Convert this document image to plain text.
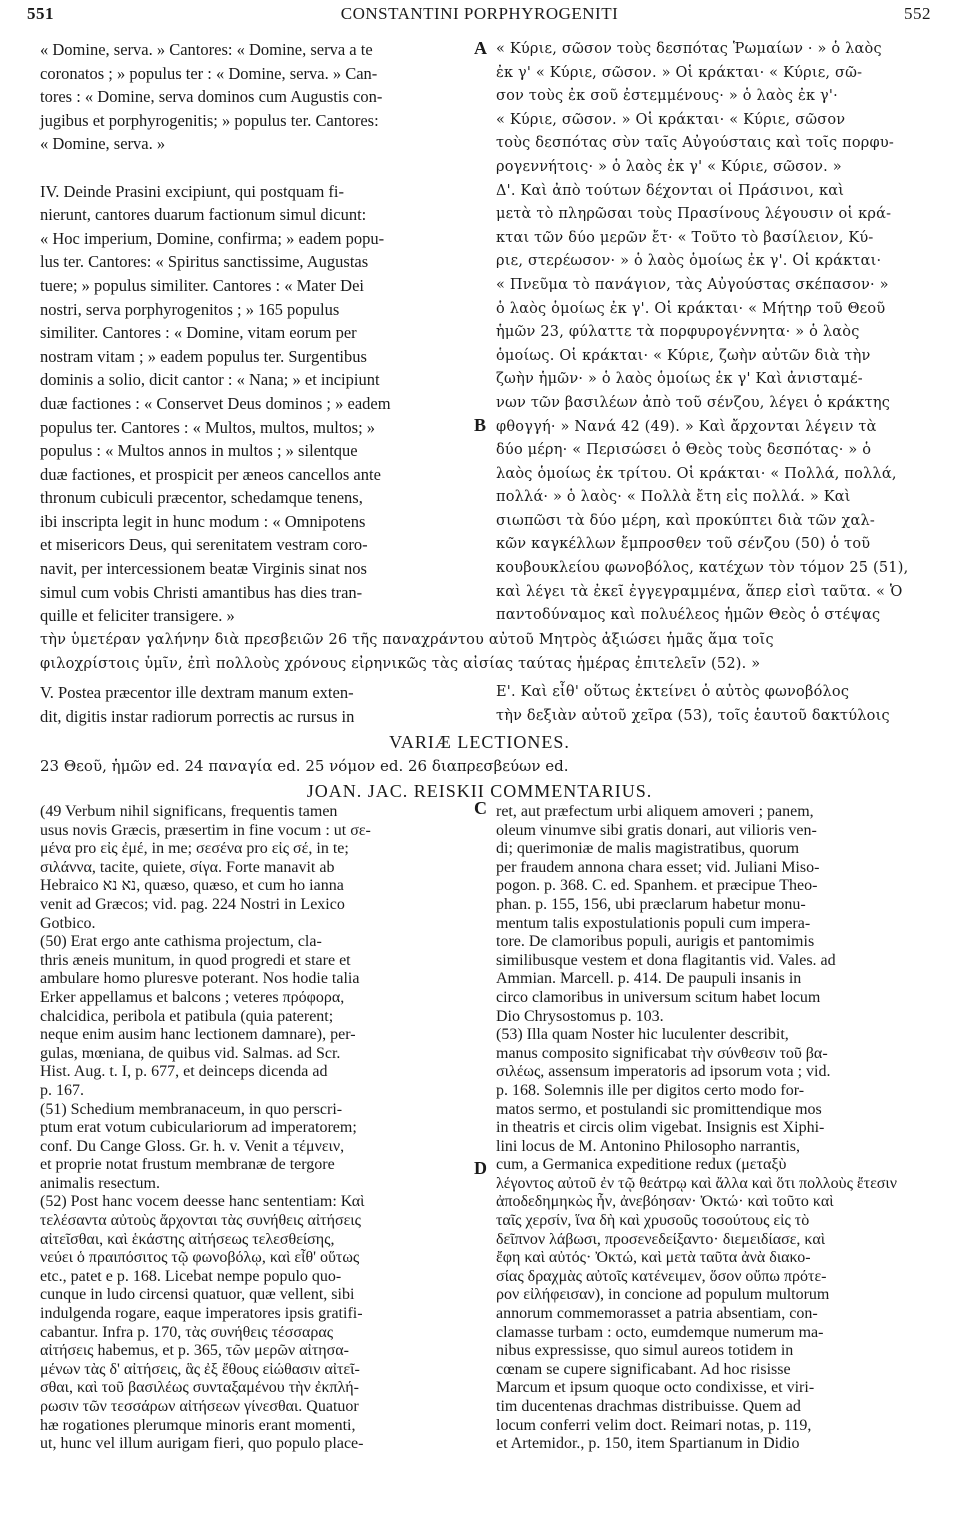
551	CONSTANTINI PORPHYROGENITI	552
« Domine, serva. » Cantores: « Domine, serva a te
coronatos ; » populus ter : « Domine, serva. » Can-
tores : « Domine, serva dominos cum Augustis con-
jugibus et porphyrogenitis; » populus ter. Cantores:
« Domine, serva. »
IV. Deinde Prasini excipiunt, qui postquam fi-
nierunt, cantores duarum factionum simul dicunt:
« Hoc imperium, Domine, confirma; » eadem popu-
lus ter. Cantores: « Spiritus sanctissime, Augustas
tuere; » populus similiter. Cantores : « Mater Dei
nostri, serva porphyrogenitos ; » 165 populus
similiter. Cantores : « Domine, vitam eorum per
nostram vitam ; » eadem populus ter. Surgentibus
dominis a solio, dicit cantor : « Nana; » et incipiunt
duæ factiones : « Conservet Deus dominos ; » eadem
populus ter. Cantores : « Multos, multos, multos; »
populus : « Multos annos in multos ; » silentque
duæ factiones, et prospicit per æneos cancellos ante
thronum cubiculi præcentor, schedamque tenens,
ibi inscripta legit in hunc modum : « Omnipotens
et misericors Deus, qui serenitatem vestram coro-
navit, per intercessionem beatæ Virginis sinat nos
simul cum vobis Christi amantibus has dies tran-
quille et feliciter transigere. »
« Κύριε, σῶσον τοὺς δεσπότας Ῥωμαίων · » ὁ λαὸς
ἐκ γ' « Κύριε, σῶσον. » Οἱ κράκται· « Κύριε, σῶ-
σον τοὺς ἐκ σοῦ ἐστεμμένους· » ὁ λαὸς ἐκ γ'·
« Κύριε, σῶσον. » Οἱ κράκται· « Κύριε, σῶσον
τοὺς δεσπότας σὺν ταῖς Αὐγούσταις καὶ τοῖς πορφυ-
ρογεννήτοις· » ὁ λαὸς ἐκ γ' « Κύριε, σῶσον. »
Δ'. Καὶ ἀπὸ τούτων δέχονται οἱ Πράσινοι, καὶ
μετὰ τὸ πληρῶσαι τοὺς Πρασίνους λέγουσιν οἱ κρά-
κται τῶν δύο μερῶν ἔτ· « Τοῦτο τὸ βασίλειον, Κύ-
ριε, στερέωσον· » ὁ λαὸς ὁμοίως ἐκ γ'. Οἱ κράκται·
« Πνεῦμα τὸ πανάγιον, τὰς Αὐγούστας σκέπασον· »
ὁ λαὸς ὁμοίως ἐκ γ'. Οἱ κράκται· « Μήτηρ τοῦ Θεοῦ
ἡμῶν 23, φύλαττε τὰ πορφυρογέννητα· » ὁ λαὸς
ὁμοίως. Οἱ κράκται· « Κύριε, ζωὴν αὐτῶν διὰ τὴν
ζωὴν ἡμῶν· » ὁ λαὸς ὁμοίως ἐκ γ' Καὶ ἀνισταμέ-
νων τῶν βασιλέων ἀπὸ τοῦ σένζου, λέγει ὁ κράκτης
φθογγή· » Νανά 42 (49). » Καὶ ἄρχονται λέγειν τὰ
δύο μέρη· « Περισώσει ὁ Θεὸς τοὺς δεσπότας· » ὁ
λαὸς ὁμοίως ἐκ τρίτου. Οἱ κράκται· « Πολλά, πολλά,
πολλά· » ὁ λαὸς· « Πολλὰ ἔτη εἰς πολλά. » Καὶ
σιωπῶσι τὰ δύο μέρη, καὶ προκύπτει διὰ τῶν χαλ-
κῶν καγκέλλων ἔμπροσθεν τοῦ σένζου (50) ὁ τοῦ
κουβουκλείου φωνοβόλος, κατέχων τὸν τόμον 25 (51),
καὶ λέγει τὰ ἐκεῖ ἐγγεγραμμένα, ἅπερ εἰσὶ ταῦτα. « Ὁ
παντοδύναμος καὶ πολυέλεος ἡμῶν Θεὸς ὁ στέψας
A
B
C
D
τὴν ὑμετέραν γαλήνην διὰ πρεσβειῶν 26 τῆς παναχράντου αὐτοῦ Μητρὸς ἀξιώσει ἡμᾶς ἅμα τοῖς
φιλοχρίστοις ὑμῖν, ἐπὶ πολλοὺς χρόνους εἰρηνικῶς τὰς αἰσίας ταύτας ἡμέρας ἐπιτελεῖν (52). »
V. Postea præcentor ille dextram manum exten-
dit, digitis instar radiorum porrectis ac rursus in
Ε'. Καὶ εἶθ' οὕτως ἐκτείνει ὁ αὐτὸς φωνοβόλος
τὴν δεξιὰν αὐτοῦ χεῖρα (53), τοῖς ἑαυτοῦ δακτύλοις
VARIÆ LECTIONES.
23 Θεοῦ, ἡμῶν ed. 24 παναγία ed. 25 νόμον ed. 26 διαπρεσβεύων ed.
JOAN. JAC. REISKII COMMENTARIUS.
(49 Verbum nihil significans, frequentis tamen
usus novis Græcis, præsertim in fine vocum : ut σε-
μένα pro εἰς ἐμέ, in me; σεσένα pro εἰς σέ, in te;
σιλάννα, tacite, quiete, σίγα. Forte manavit ab
Hebraico נא נא, quæso, quæso, et cum ho ianna
venit ad Græcos; vid. pag. 224 Nostri in Lexico
Gotbico.
(50) Erat ergo ante cathisma projectum, cla-
thris æneis munitum, in quod progredi et stare et
ambulare homo pluresve poterant. Nos hodie talia
Erker appellamus et balcons ; veteres πρόφορα,
chalcidica, peribola et patibula (quia paterent;
neque enim ausim hanc lectionem damnare), per-
gulas, mœniana, de quibus vid. Salmas. ad Scr.
Hist. Aug. t. I, p. 677, et deinceps dicenda ad
p. 167.
(51) Schedium membranaceum, in quo perscri-
ptum erat votum cubiculariorum ad imperatorem;
conf. Du Cange Gloss. Gr. h. v. Venit a τέμνειν,
et proprie notat frustum membranæ de tergore
animalis resectum.
(52) Post hanc vocem deesse hanc sententiam: Καὶ
τελέσαντα αὐτοὺς ἄρχονται τὰς συνήθεις αἰτήσεις
αἰτεῖσθαι, καὶ ἑκάστης αἰτήσεως τελεσθείσης,
νεύει ὁ πραιπόσιτος τῷ φωνοβόλῳ, καὶ εἶθ' οὕτως
etc., patet e p. 168. Licebat nempe populo quo-
cunque in ludo circensi quatuor, quæ vellent, sibi
indulgenda rogare, eaque imperatores ipsis gratifi-
cabantur. Infra p. 170, τὰς συνήθεις τέσσαρας
αἰτήσεις habemus, et p. 365, τῶν μερῶν αἰτησα-
μένων τὰς δ' αἰτήσεις, ἃς ἐξ ἔθους εἰώθασιν αἰτεῖ-
σθαι, καὶ τοῦ βασιλέως συνταξαμένου τὴν ἐκπλή-
ρωσιν τῶν τεσσάρων αἰτήσεων γίνεσθαι. Quatuor
hæ rogationes plerumque minoris erant momenti,
ut, hunc vel illum aurigam fieri, quo populo place-
ret, aut præfectum urbi aliquem amoveri ; panem,
oleum vinumve sibi gratis donari, aut vilioris ven-
di; querimoniæ de malis magistratibus, quorum
per fraudem annona chara esset; vid. Juliani Miso-
pogon. p. 368. C. ed. Spanhem. et præcipue Theo-
phan. p. 155, 156, ubi præclarum habetur monu-
mentum talis expostulationis populi cum impera-
tore. De clamoribus populi, aurigis et pantomimis
similibusque vestem et dona flagitantis vid. Vales. ad
Ammian. Marcell. p. 414. De paupuli insanis in
circo clamoribus in universum scitum habet locum
Dio Chrysostomus p. 103.
(53) Illa quam Noster hic luculenter describit,
manus composito significabat τὴν σύνθεσιν τοῦ βα-
σιλέως, assensum imperatoris ad ipsorum vota ; vid.
p. 168. Solemnis ille per digitos certo modo for-
matos sermo, et postulandi sic promittendique mos
in theatris et circis olim vigebat. Insignis est Xiphi-
lini locus de M. Antonino Philosopho narrantis,
cum, a Germanica expeditione redux (μεταξὺ
λέγοντος αὐτοῦ ἐν τῷ θεάτρῳ καὶ ἄλλα καὶ ὅτι πολλοὺς ἔτεσιν
ἀποδεδημηκὼς ἦν, ἀνεβόησαν· Ὀκτώ· καὶ τοῦτο καὶ
ταῖς χερσίν, ἵνα δὴ καὶ χρυσοῦς τοσούτους εἰς τὸ
δεῖπνον λάβωσι, προσενεδείξαντο· διεμειδίασε, καὶ
ἔφη καὶ αὐτός· Ὀκτώ, καὶ μετὰ ταῦτα ἀνὰ διακο-
σίας δραχμὰς αὐτοῖς κατένειμεν, ὅσον οὔπω πρότε-
ρον εἰλήφεισαν), in concione ad populum multorum
annorum commemorasset a patria absentiam, con-
clamasse turbam : octo, eumdemque numerum ma-
nibus expressisse, quo simul aureos totidem in
cœnam se cupere significabant. Ad hoc risisse
Marcum et ipsum quoque octo condixisse, et viri-
tim ducentenas drachmas distribuisse. Quem ad
locum conferri velim doct. Reimari notas, p. 119,
et Artemidor., p. 150, item Spartianum in Didio
